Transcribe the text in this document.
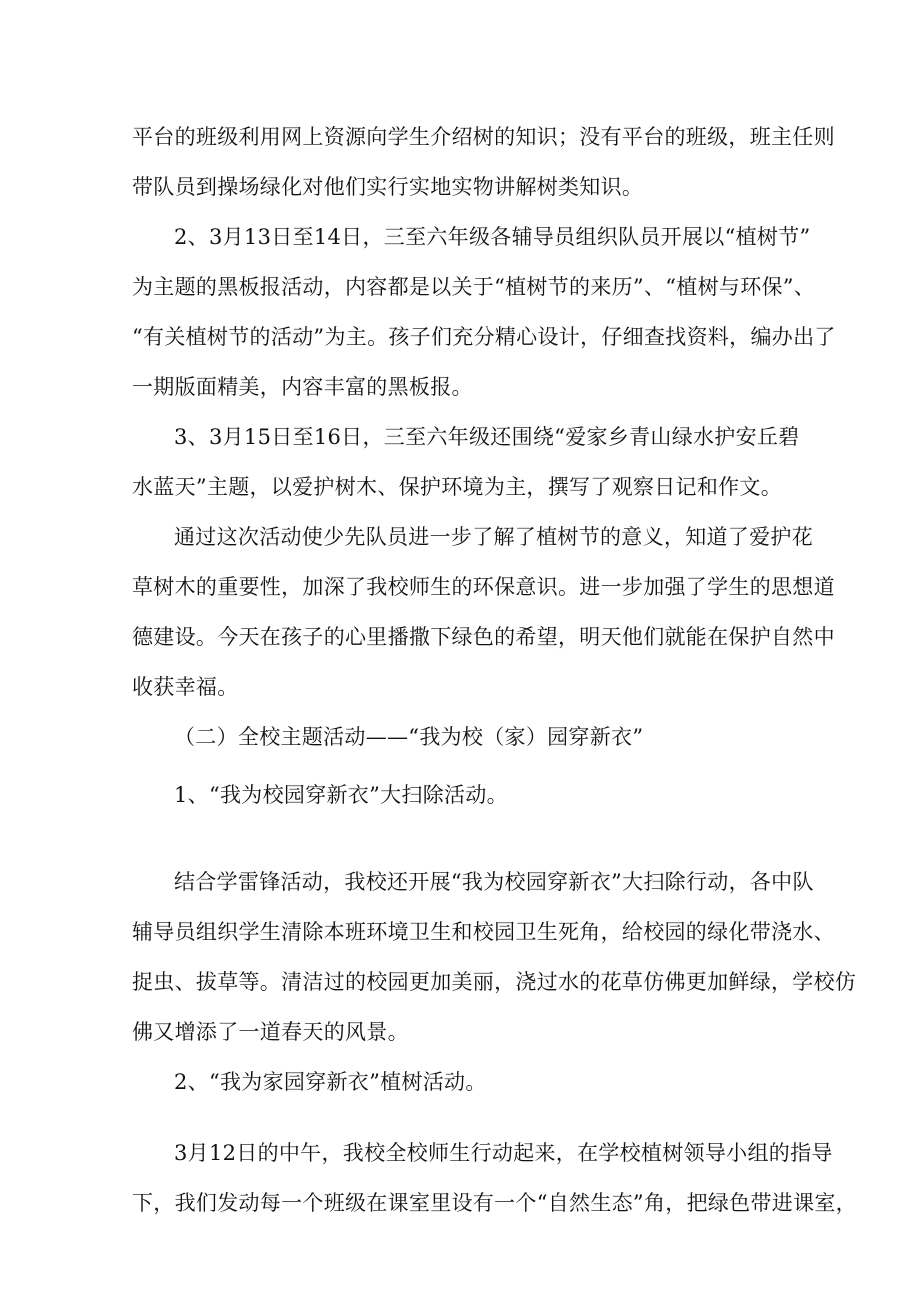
平台的班级利用网上资源向学生介绍树的知识；没有平台的班级，班主任则
带队员到操场绿化对他们实行实地实物讲解树类知识。
2、3月13日至14日，三至六年级各辅导员组织队员开展以“植树节”
为主题的黑板报活动，内容都是以关于“植树节的来历”、“植树与环保”、
“有关植树节的活动”为主。孩子们充分精心设计，仔细查找资料，编办出了
一期版面精美，内容丰富的黑板报。
3、3月15日至16日，三至六年级还围绕“爱家乡青山绿水护安丘碧
水蓝天”主题，以爱护树木、保护环境为主，撰写了观察日记和作文。
通过这次活动使少先队员进一步了解了植树节的意义，知道了爱护花
草树木的重要性，加深了我校师生的环保意识。进一步加强了学生的思想道
德建设。今天在孩子的心里播撒下绿色的希望，明天他们就能在保护自然中
收获幸福。
（二）全校主题活动——“我为校（家）园穿新衣”
1、“我为校园穿新衣”大扫除活动。
结合学雷锋活动，我校还开展“我为校园穿新衣”大扫除行动，各中队
辅导员组织学生清除本班环境卫生和校园卫生死角，给校园的绿化带浇水、
捉虫、拔草等。清洁过的校园更加美丽，浇过水的花草仿佛更加鲜绿，学校仿
佛又增添了一道春天的风景。
2、“我为家园穿新衣”植树活动。
3月12日的中午，我校全校师生行动起来，在学校植树领导小组的指导
下，我们发动每一个班级在课室里设有一个“自然生态”角，把绿色带进课室，
